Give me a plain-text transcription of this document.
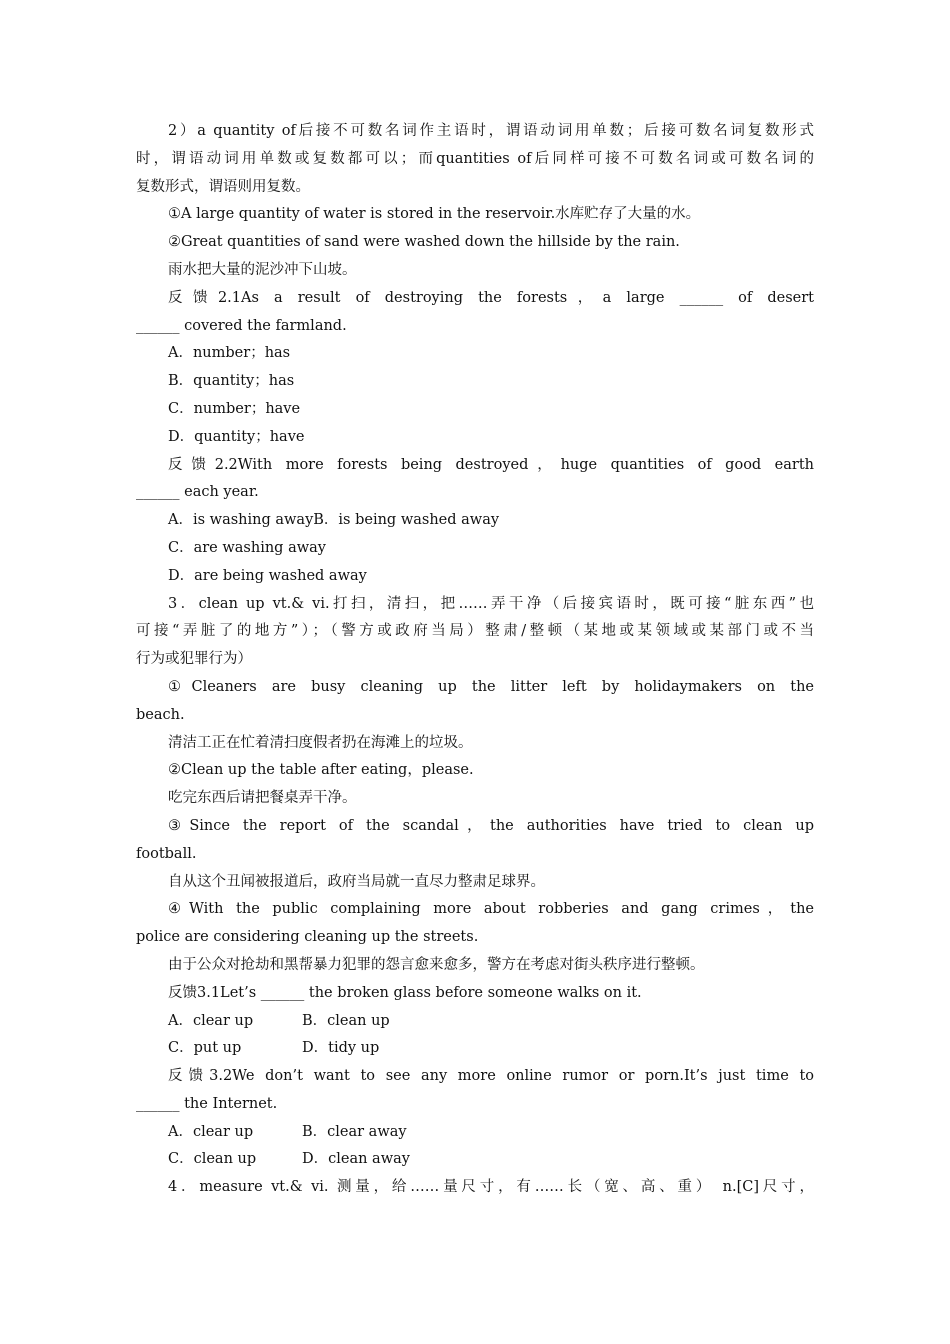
2）a quantity of后接不可数名词作主语时，谓语动词用单数；后接可数名词复数形式
时，谓语动词用单数或复数都可以；而quantities of后同样可接不可数名词或可数名词的
复数形式，谓语则用复数。
①A large quantity of water is stored in the reservoir.水库贮存了大量的水。
②Great quantities of sand were washed down the hillside by the rain.
雨水把大量的泥沙冲下山坡。
反馈2.1As a result of destroying the forests，a large ______ of desert
______ covered the farmland.
A．number；has
B．quantity；has
C．number；have
D．quantity；have
反馈2.2With more forests being destroyed，huge quantities of good earth
______ each year.
A．is washing awayB．is being washed away
C．are washing away
D．are being washed away
3．clean up vt.& vi.打扫，清扫，把……弄干净（后接宾语时，既可接“脏东西”也
可接“弄脏了的地方”）；（警方或政府当局）整肃/整顿（某地或某领域或某部门或不当
行为或犯罪行为）
①Cleaners are busy cleaning up the litter left by holidaymakers on the
beach.
清洁工正在忙着清扫度假者扔在海滩上的垃圾。
②Clean up the table after eating，please.
吃完东西后请把餐桌弄干净。
③Since the report of the scandal，the authorities have tried to clean up
football.
自从这个丑闻被报道后，政府当局就一直尽力整肃足球界。
④With the public complaining more about robberies and gang crimes，the
police are considering cleaning up the streets.
由于公众对抢劫和黑帮暴力犯罪的怨言愈来愈多，警方在考虑对街头秩序进行整顿。
反馈3.1Let’s ______ the broken glass before someone walks on it.
A．clear up	B．clean up
C．put up	D．tidy up
反馈3.2We don’t want to see any more online rumor or porn.It’s just time to
______ the Internet.
A．clear up	B．clear away
C．clean up	D．clean away
4．measure vt.& vi. 测量，给……量尺寸，有……长（宽、高、重） n.[C]尺寸，
